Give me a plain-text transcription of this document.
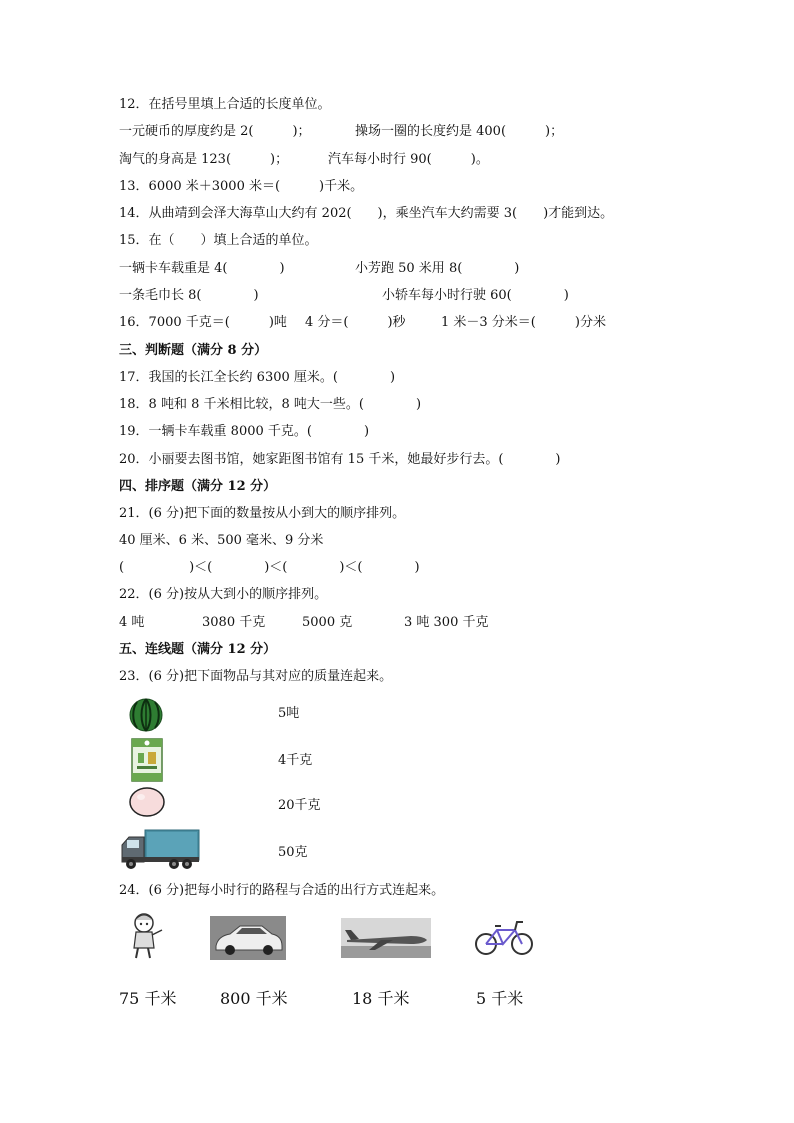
12．在括号里填上合适的长度单位。
一元硬币的厚度约是 2(　　　)；	操场一圈的长度约是 400(　　　)；
淘气的身高是 123(　　　)；	汽车每小时行 90(　　　)。
13．6000 米＋3000 米＝(　　　)千米。
14．从曲靖到会泽大海草山大约有 202(　　)，乘坐汽车大约需要 3(　　)才能到达。
15．在（　　）填上合适的单位。
一辆卡车载重是 4(　　　　)	小芳跑 50 米用 8(　　　　)
一条毛巾长 8(　　　　)	小轿车每小时行驶 60(　　　　)
16．7000 千克＝(　　　)吨 4 分＝(　　　)秒	1 米－3 分米＝(　　　)分米
三、判断题（满分 8 分）
17．我国的长江全长约 6300 厘米。(　　　　)
18．8 吨和 8 千米相比较，8 吨大一些。(　　　　)
19．一辆卡车载重 8000 千克。(　　　　)
20．小丽要去图书馆，她家距图书馆有 15 千米，她最好步行去。(　　　　)
四、排序题（满分 12 分）
21．(6 分)把下面的数量按从小到大的顺序排列。
40 厘米、6 米、500 毫米、9 分米
(　　　　　)＜(　　　　)＜(　　　　)＜(　　　　)
22．(6 分)按从大到小的顺序排列。
4 吨	3080 千克	5000 克	3 吨 300 千克
五、连线题（满分 12 分）
23．(6 分)把下面物品与其对应的质量连起来。
5吨
4千克
20千克
50克
24．(6 分)把每小时行的路程与合适的出行方式连起来。
75 千米	800 千米	18 千米	5 千米
